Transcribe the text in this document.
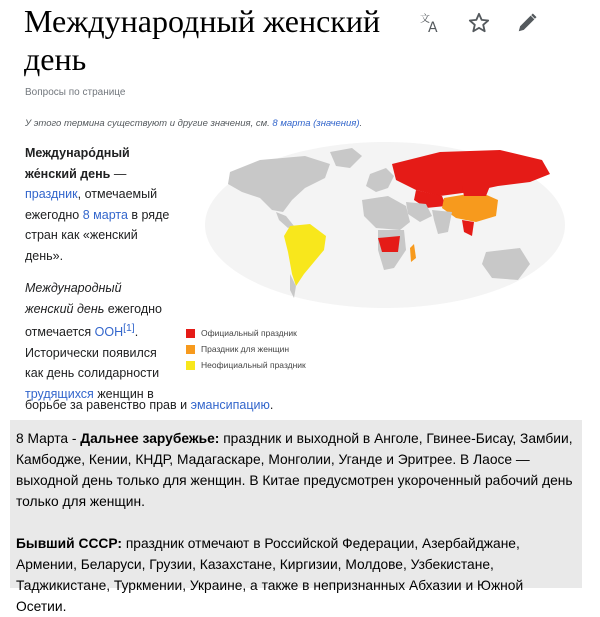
Международный женский день
文
A
Вопросы по странице
У этого термина существуют и другие значения, см. 8 марта (значения).

Междунаро́дный же́нский день — праздник, отмечаемый ежегодно 8 марта в ряде стран как «женский день».

Международный женский день ежегодно отмечается ООН[1]. Исторически появился как день солидарности трудящихся женщин в

борьбе за равенство прав и эмансипацию.
Официальный праздник
Праздник для женщин
Неофициальный праздник

8 Марта - Дальнее зарубежье: праздник и выходной в Анголе, Гвинее-Бисау, Замбии, Камбодже, Кении, КНДР, Мадагаскаре, Монголии, Уганде и Эритрее. В Лаосе — выходной день только для женщин. В Китае предусмотрен укороченный рабочий день только для женщин.

Бывший СССР: праздник отмечают в Российской Федерации, Азербайджане, Армении, Беларуси, Грузии, Казахстане, Киргизии, Молдове, Узбекистане, Таджикистане, Туркмении, Украине, а также в непризнанных Абхазии и Южной Осетии.
